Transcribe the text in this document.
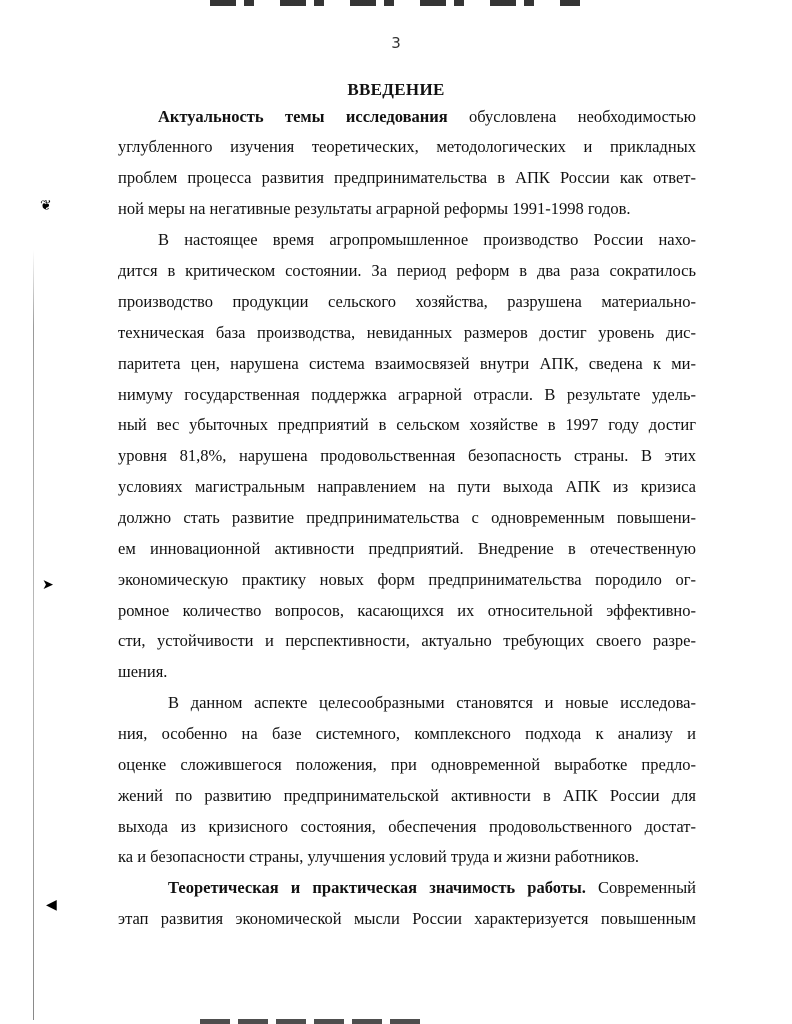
❦
➤
◀
3
ВВЕДЕНИЕ
Актуальность темы исследования обусловлена необходимостью
углубленного изучения теоретических, методологических и прикладных
проблем процесса развития предпринимательства в АПК России как ответ-
ной меры на негативные результаты аграрной реформы 1991-1998 годов.
В настоящее время агропромышленное производство России нахо-
дится в критическом состоянии. За период реформ в два раза сократилось
производство продукции сельского хозяйства, разрушена материально-
техническая база производства, невиданных размеров достиг уровень дис-
паритета цен, нарушена система взаимосвязей внутри АПК, сведена к ми-
нимуму государственная поддержка аграрной отрасли. В результате удель-
ный вес убыточных предприятий в сельском хозяйстве в 1997 году достиг
уровня 81,8%, нарушена продовольственная безопасность страны. В этих
условиях магистральным направлением на пути выхода АПК из кризиса
должно стать развитие предпринимательства с одновременным повышени-
ем инновационной активности предприятий. Внедрение в отечественную
экономическую практику новых форм предпринимательства породило ог-
ромное количество вопросов, касающихся их относительной эффективно-
сти, устойчивости и перспективности, актуально требующих своего разре-
шения.
В данном аспекте целесообразными становятся и новые исследова-
ния, особенно на базе системного, комплексного подхода к анализу и
оценке сложившегося положения, при одновременной выработке предло-
жений по развитию предпринимательской активности в АПК России для
выхода из кризисного состояния, обеспечения продовольственного достат-
ка и безопасности страны, улучшения условий труда и жизни работников.
Теоретическая и практическая значимость работы. Современный
этап развития экономической мысли России характеризуется повышенным
